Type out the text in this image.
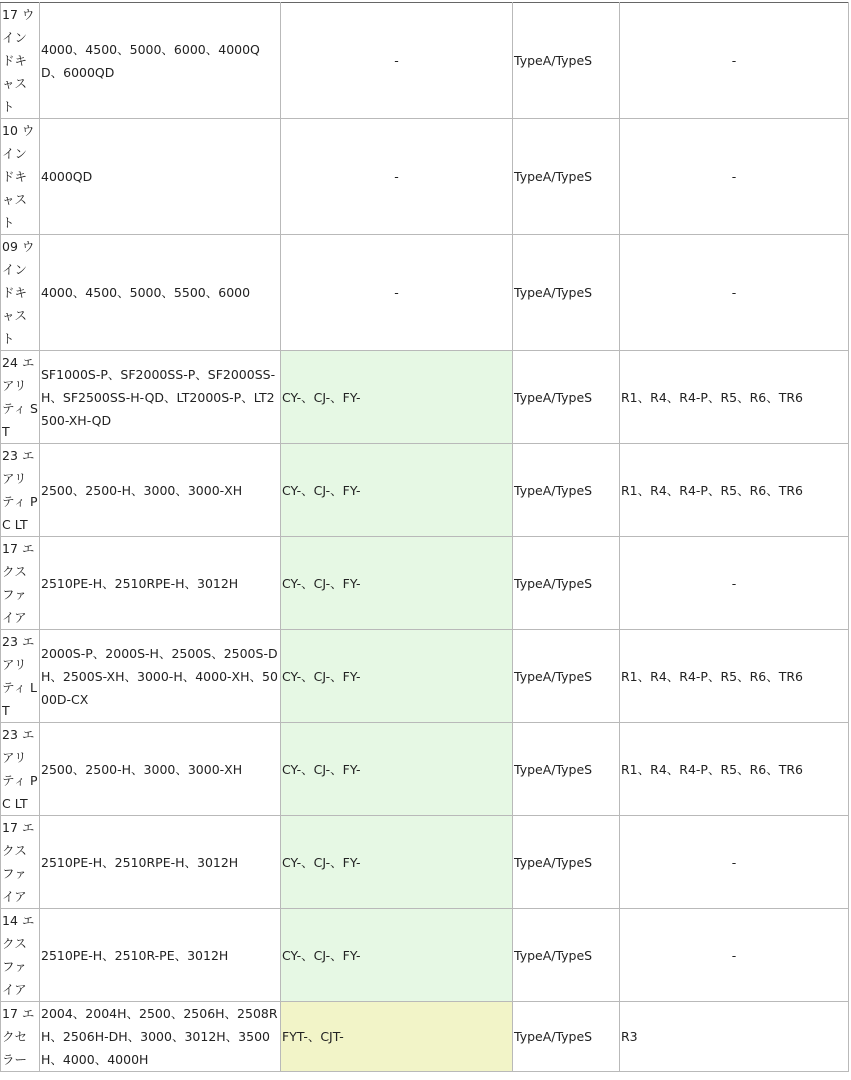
17 ウインドキャスト	4000、4500、5000、6000、4000QD、6000QD	-	TypeA/TypeS	-
10 ウインドキャスト	4000QD	-	TypeA/TypeS	-
09 ウインドキャスト	4000、4500、5000、5500、6000	-	TypeA/TypeS	-
24 エアリティ ST	SF1000S-P、SF2000SS-P、SF2000SS-H、SF2500SS-H-QD、LT2000S-P、LT2500-XH-QD	CY-、CJ-、FY-	TypeA/TypeS	R1、R4、R4-P、R5、R6、TR6
23 エアリティ PC LT	2500、2500-H、3000、3000-XH	CY-、CJ-、FY-	TypeA/TypeS	R1、R4、R4-P、R5、R6、TR6
17 エクスファイア	2510PE-H、2510RPE-H、3012H	CY-、CJ-、FY-	TypeA/TypeS	-
23 エアリティ LT	2000S-P、2000S-H、2500S、2500S-DH、2500S-XH、3000-H、4000-XH、5000D-CX	CY-、CJ-、FY-	TypeA/TypeS	R1、R4、R4-P、R5、R6、TR6
23 エアリティ PC LT	2500、2500-H、3000、3000-XH	CY-、CJ-、FY-	TypeA/TypeS	R1、R4、R4-P、R5、R6、TR6
17 エクスファイア	2510PE-H、2510RPE-H、3012H	CY-、CJ-、FY-	TypeA/TypeS	-
14 エクスファイア	2510PE-H、2510R-PE、3012H	CY-、CJ-、FY-	TypeA/TypeS	-
17 エクセラー	2004、2004H、2500、2506H、2508RH、2506H-DH、3000、3012H、3500H、4000、4000H	FYT-、CJT-	TypeA/TypeS	R3
